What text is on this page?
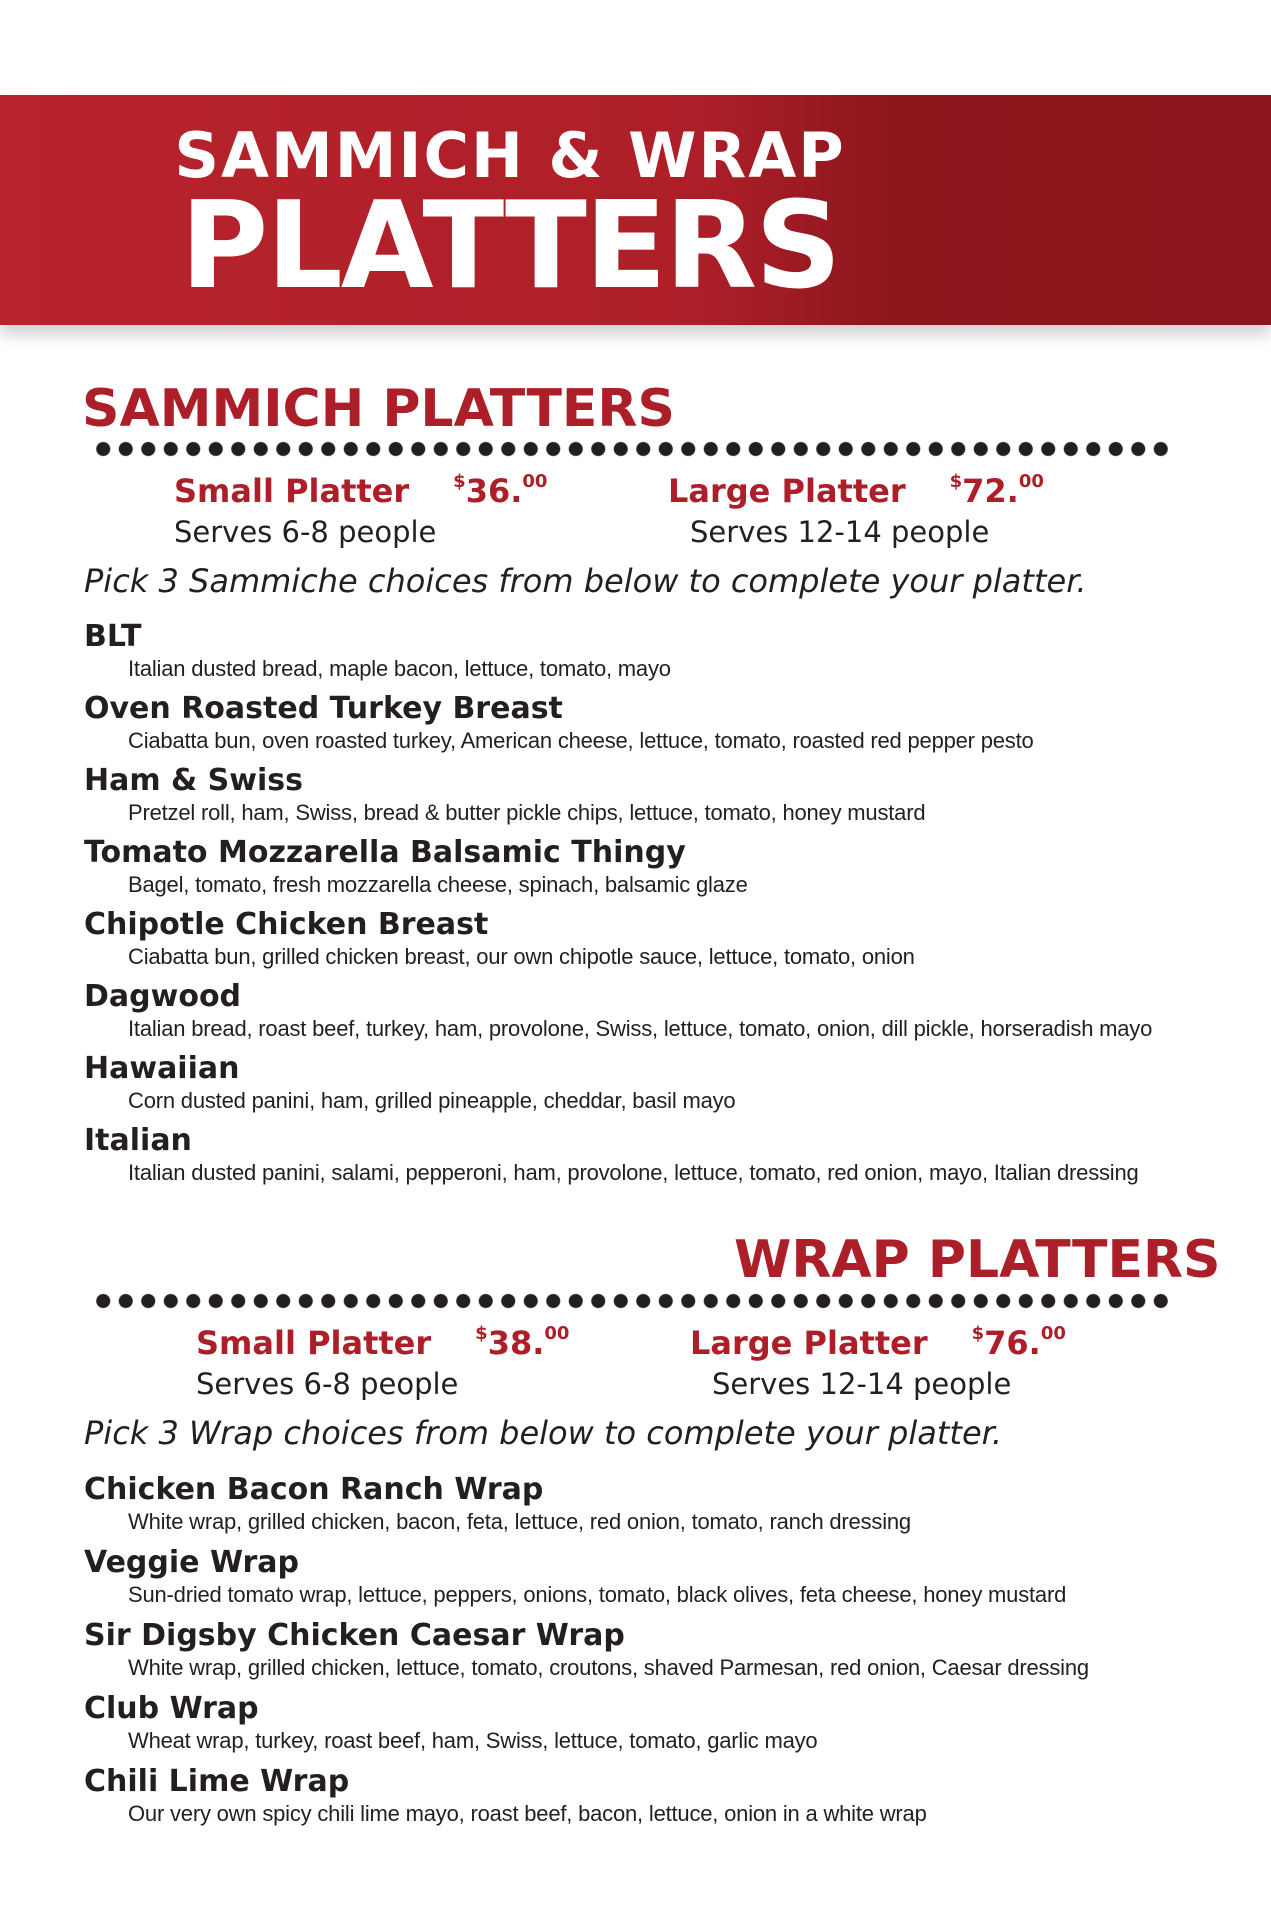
SAMMICH & WRAP
PLATTERS
SAMMICH PLATTERS
Small Platter $36.00
Serves 6-8 people
Large Platter $72.00
Serves 12-14 people
Pick 3 Sammiche choices from below to complete your platter.
BLT
Italian dusted bread, maple bacon, lettuce, tomato, mayo
Oven Roasted Turkey Breast
Ciabatta bun, oven roasted turkey, American cheese, lettuce, tomato, roasted red pepper pesto
Ham & Swiss
Pretzel roll, ham, Swiss, bread & butter pickle chips, lettuce, tomato, honey mustard
Tomato Mozzarella Balsamic Thingy
Bagel, tomato, fresh mozzarella cheese, spinach, balsamic glaze
Chipotle Chicken Breast
Ciabatta bun, grilled chicken breast, our own chipotle sauce, lettuce, tomato, onion
Dagwood
Italian bread, roast beef, turkey, ham, provolone, Swiss, lettuce, tomato, onion, dill pickle, horseradish mayo
Hawaiian
Corn dusted panini, ham, grilled pineapple, cheddar, basil mayo
Italian
Italian dusted panini, salami, pepperoni, ham, provolone, lettuce, tomato, red onion, mayo, Italian dressing
WRAP PLATTERS
Small Platter $38.00
Serves 6-8 people
Large Platter $76.00
Serves 12-14 people
Pick 3 Wrap choices from below to complete your platter.
Chicken Bacon Ranch Wrap
White wrap, grilled chicken, bacon, feta, lettuce, red onion, tomato, ranch dressing
Veggie Wrap
Sun-dried tomato wrap, lettuce, peppers, onions, tomato, black olives, feta cheese, honey mustard
Sir Digsby Chicken Caesar Wrap
White wrap, grilled chicken, lettuce, tomato, croutons, shaved Parmesan, red onion, Caesar dressing
Club Wrap
Wheat wrap, turkey, roast beef, ham, Swiss, lettuce, tomato, garlic mayo
Chili Lime Wrap
Our very own spicy chili lime mayo, roast beef, bacon, lettuce, onion in a white wrap
